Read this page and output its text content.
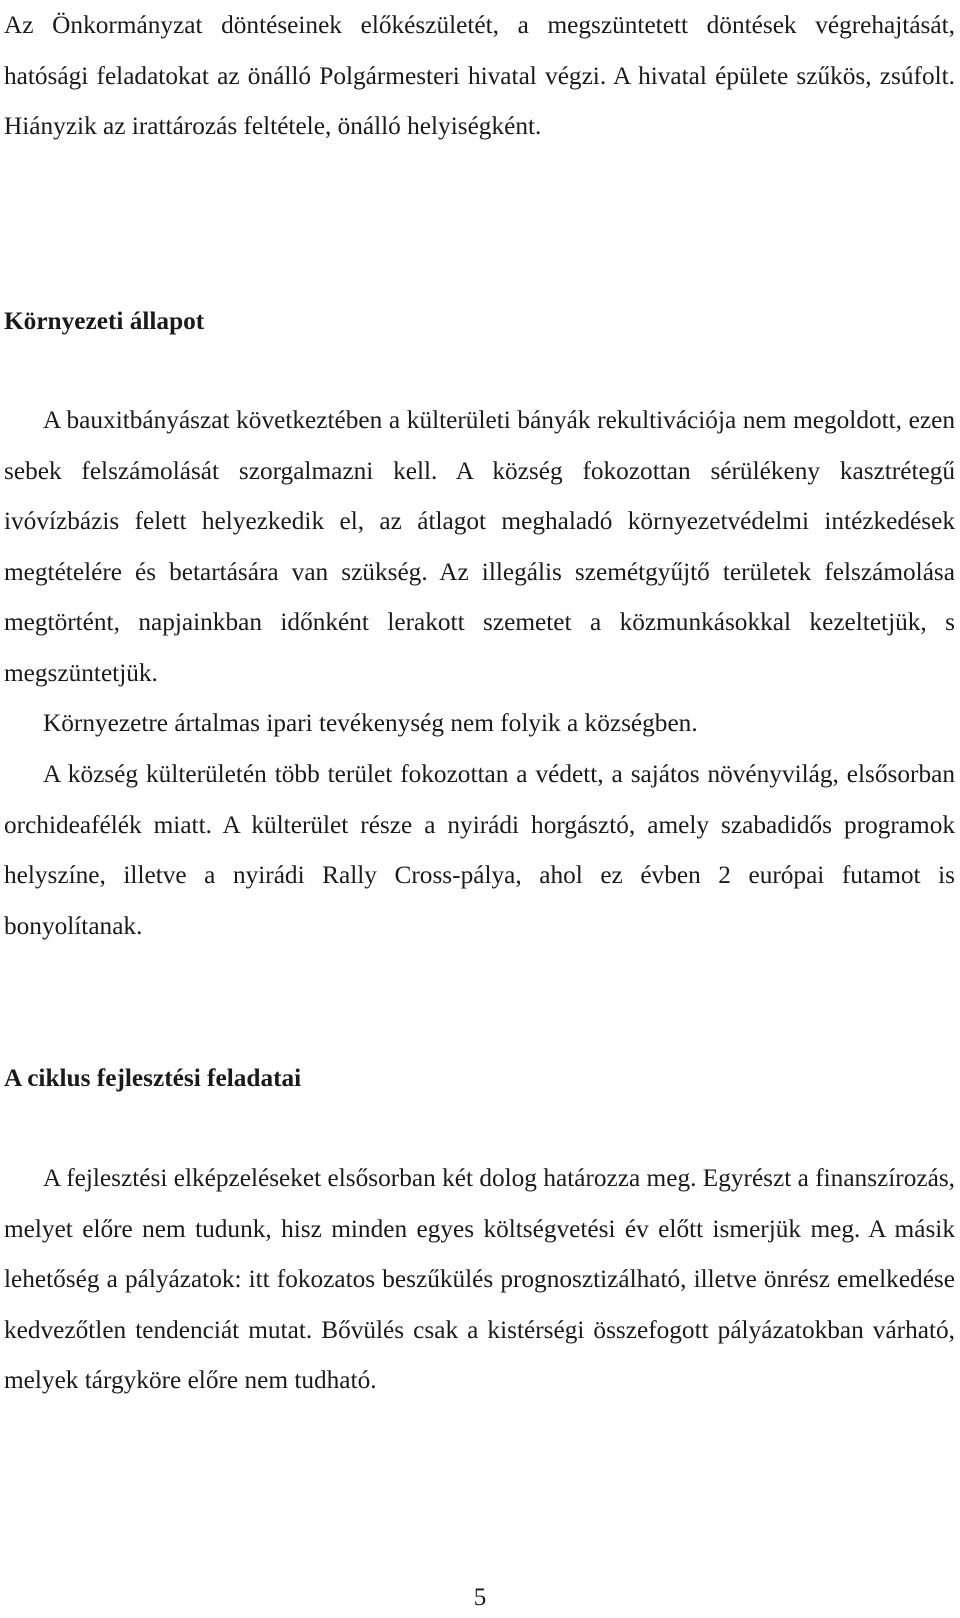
Az Önkormányzat döntéseinek előkészületét, a megszüntetett döntések végrehajtását, hatósági feladatokat az önálló Polgármesteri hivatal végzi. A hivatal épülete szűkös, zsúfolt. Hiányzik az irattározás feltétele, önálló helyiségként.

Környezeti állapot

A bauxitbányászat következtében a külterületi bányák rekultivációja nem megoldott, ezen sebek felszámolását szorgalmazni kell. A község fokozottan sérülékeny kasztrétegű ivóvízbázis felett helyezkedik el, az átlagot meghaladó környezetvédelmi intézkedések megtételére és betartására van szükség. Az illegális szemétgyűjtő területek felszámolása megtörtént, napjainkban időnként lerakott szemetet a közmunkásokkal kezeltetjük, s megszüntetjük.

Környezetre ártalmas ipari tevékenység nem folyik a községben.

A község külterületén több terület fokozottan a védett, a sajátos növényvilág, elsősorban orchideafélék miatt. A külterület része a nyirádi horgásztó, amely szabadidős programok helyszíne, illetve a nyirádi Rally Cross-pálya, ahol ez évben 2 európai futamot is bonyolítanak.

A ciklus fejlesztési feladatai

A fejlesztési elképzeléseket elsősorban két dolog határozza meg. Egyrészt a finanszírozás, melyet előre nem tudunk, hisz minden egyes költségvetési év előtt ismerjük meg. A másik lehetőség a pályázatok: itt fokozatos beszűkülés prognosztizálható, illetve önrész emelkedése kedvezőtlen tendenciát mutat. Bővülés csak a kistérségi összefogott pályázatokban várható, melyek tárgyköre előre nem tudható.

5
